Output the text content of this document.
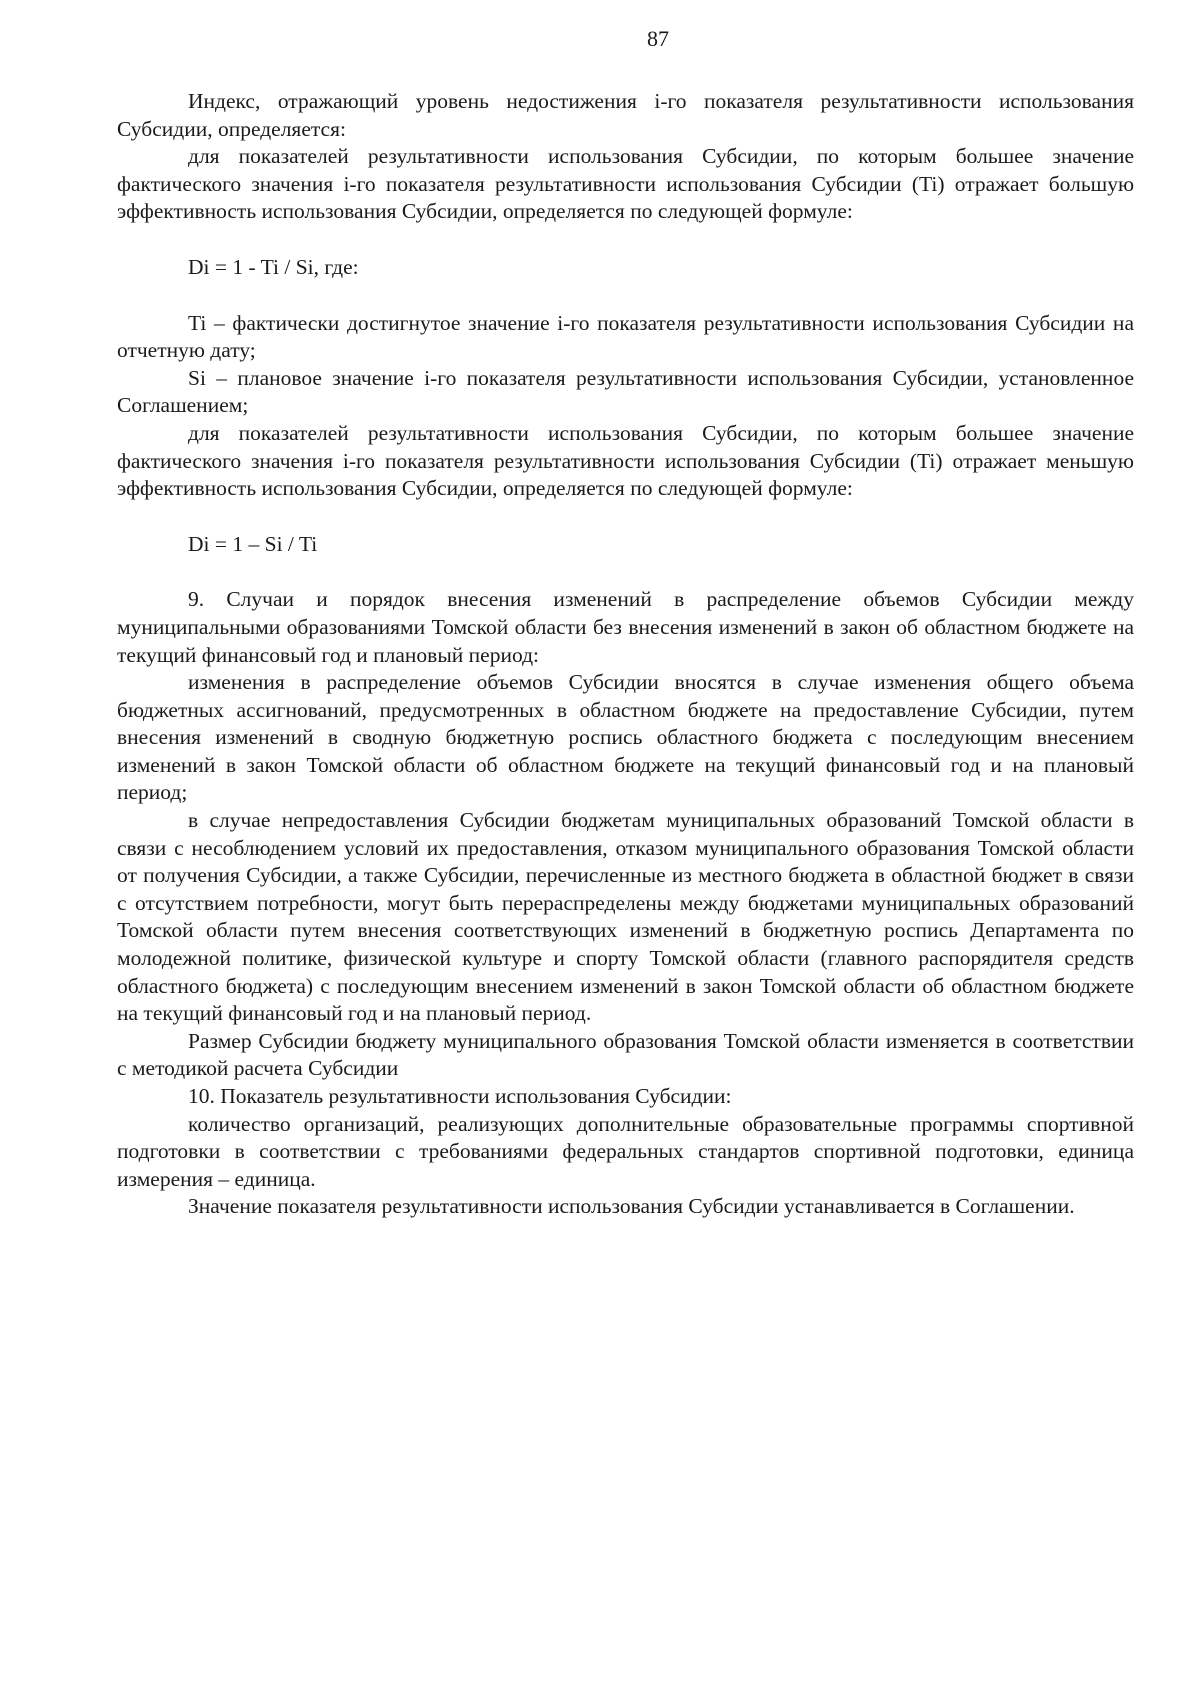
87

Индекс, отражающий уровень недостижения i-го показателя результативности использования Субсидии, определяется:

для показателей результативности использования Субсидии, по которым большее значение фактического значения i-го показателя результативности использования Субсидии (Ti) отражает большую эффективность использования Субсидии, определяется по следующей формуле:

Di = 1 - Ti / Si, где:

Ti – фактически достигнутое значение i-го показателя результативности использования Субсидии на отчетную дату;

Si – плановое значение i-го показателя результативности использования Субсидии, установленное Соглашением;

для показателей результативности использования Субсидии, по которым большее значение фактического значения i-го показателя результативности использования Субсидии (Ti) отражает меньшую эффективность использования Субсидии, определяется по следующей формуле:

Di = 1 – Si / Ti

9. Случаи и порядок внесения изменений в распределение объемов Субсидии между муниципальными образованиями Томской области без внесения изменений в закон об областном бюджете на текущий финансовый год и плановый период:

изменения в распределение объемов Субсидии вносятся в случае изменения общего объема бюджетных ассигнований, предусмотренных в областном бюджете на предоставление Субсидии, путем внесения изменений в сводную бюджетную роспись областного бюджета с последующим внесением изменений в закон Томской области об областном бюджете на текущий финансовый год и на плановый период;

в случае непредоставления Субсидии бюджетам муниципальных образований Томской области в связи с несоблюдением условий их предоставления, отказом муниципального образования Томской области от получения Субсидии, а также Субсидии, перечисленные из местного бюджета в областной бюджет в связи с отсутствием потребности, могут быть перераспределены между бюджетами муниципальных образований Томской области путем внесения соответствующих изменений в бюджетную роспись Департамента по молодежной политике, физической культуре и спорту Томской области (главного распорядителя средств областного бюджета) с последующим внесением изменений в закон Томской области об областном бюджете на текущий финансовый год и на плановый период.

Размер Субсидии бюджету муниципального образования Томской области изменяется в соответствии с методикой расчета Субсидии

10. Показатель результативности использования Субсидии:

количество организаций, реализующих дополнительные образовательные программы спортивной подготовки в соответствии с требованиями федеральных стандартов спортивной подготовки, единица измерения – единица.

Значение показателя результативности использования Субсидии устанавливается в Соглашении.
